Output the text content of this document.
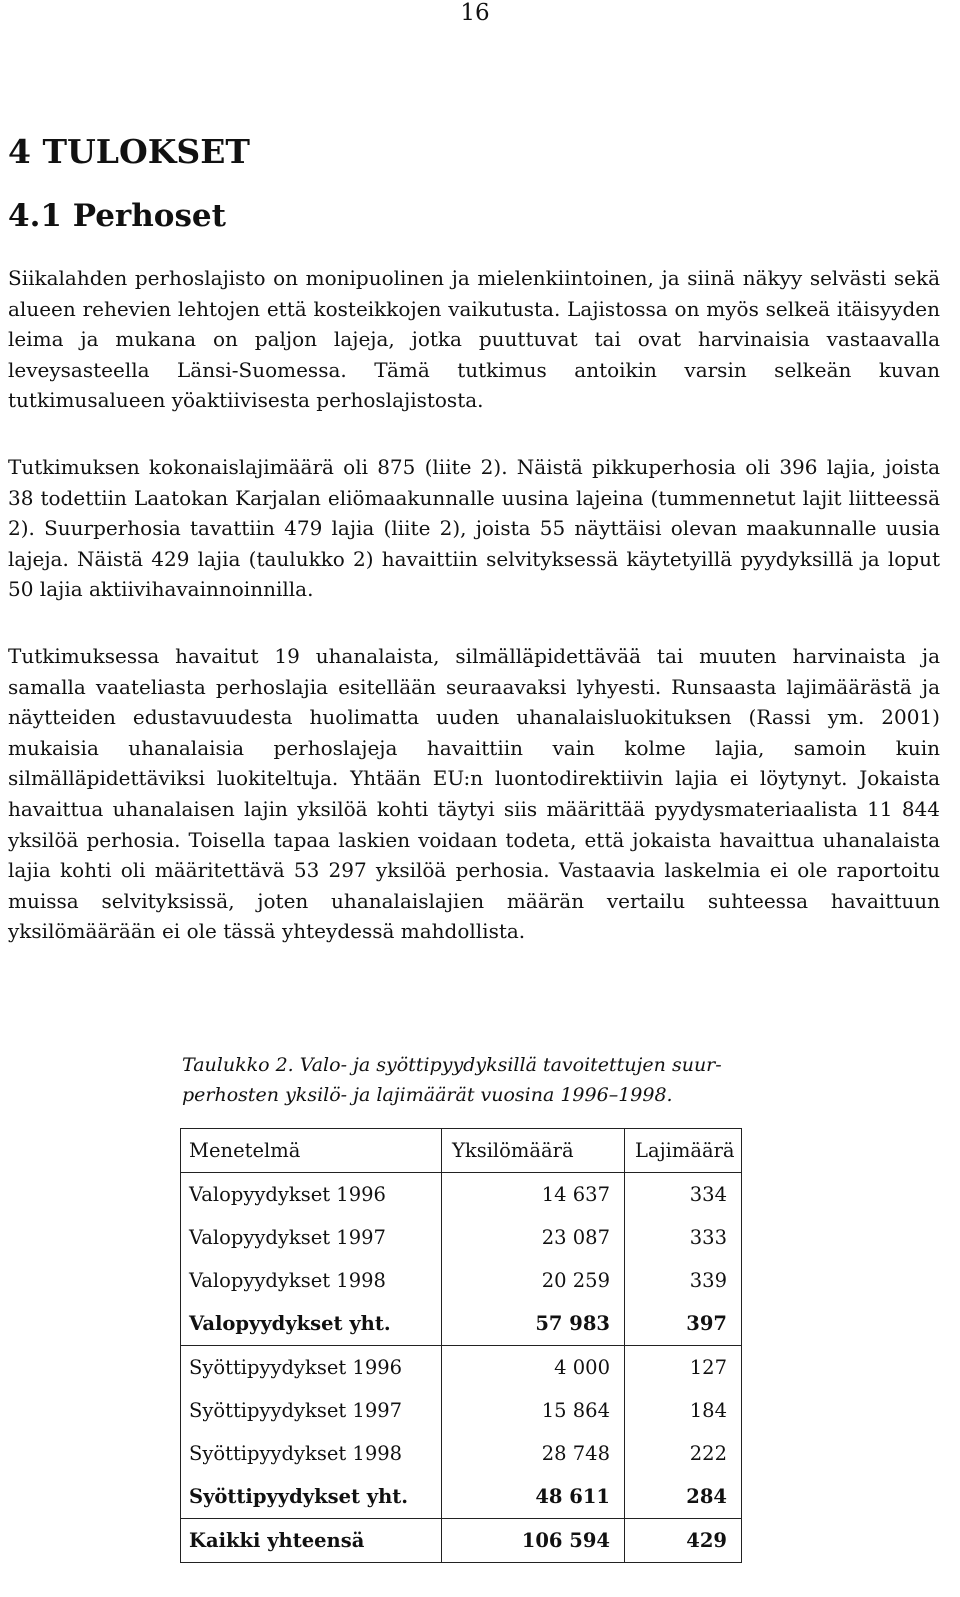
16
4 TULOKSET
4.1 Perhoset

Siikalahden perhoslajisto on monipuolinen ja mielenkiintoinen, ja siinä näkyy selvästi sekä alueen rehevien lehtojen että kosteikkojen vaikutusta. Lajistossa on myös selkeä itäisyyden leima ja mukana on paljon lajeja, jotka puuttuvat tai ovat harvinaisia vastaavalla leveysasteella Länsi-Suomessa. Tämä tutkimus antoikin varsin selkeän kuvan tutkimusalueen yöaktiivisesta perhoslajistosta.

Tutkimuksen kokonaislajimäärä oli 875 (liite 2). Näistä pikkuperhosia oli 396 lajia, joista 38 todettiin Laatokan Karjalan eliömaakunnalle uusina lajeina (tummennetut lajit liitteessä 2). Suurperhosia tavattiin 479 lajia (liite 2), joista 55 näyttäisi olevan maakunnalle uusia lajeja. Näistä 429 lajia (taulukko 2) havaittiin selvityksessä käytetyillä pyydyksillä ja loput 50 lajia aktiivihavainnoinnilla.

Tutkimuksessa havaitut 19 uhanalaista, silmälläpidettävää tai muuten harvinaista ja samalla vaateliasta perhoslajia esitellään seuraavaksi lyhyesti. Runsaasta lajimäärästä ja näytteiden edustavuudesta huolimatta uuden uhanalaisluokituksen (Rassi ym. 2001) mukaisia uhanalaisia perhoslajeja havaittiin vain kolme lajia, samoin kuin silmälläpidettäviksi luokiteltuja. Yhtään EU:n luontodirektiivin lajia ei löytynyt. Jokaista havaittua uhanalaisen lajin yksilöä kohti täytyi siis määrittää pyydysmateriaalista 11 844 yksilöä perhosia. Toisella tapaa laskien voidaan todeta, että jokaista havaittua uhanalaista lajia kohti oli määritettävä 53 297 yksilöä perhosia. Vastaavia laskelmia ei ole raportoitu muissa selvityksissä, joten uhanalaislajien määrän vertailu suhteessa havaittuun yksilömäärään ei ole tässä yhteydessä mahdollista.

Taulukko 2. Valo- ja syöttipyydyksillä tavoitettujen suurperhosten yksilö- ja lajimäärät vuosina 1996–1998.

Menetelmä	Yksilömäärä	Lajimäärä
Valopyydykset 1996	14 637	334
Valopyydykset 1997	23 087	333
Valopyydykset 1998	20 259	339
Valopyydykset yht.	57 983	397
Syöttipyydykset 1996	4 000	127
Syöttipyydykset 1997	15 864	184
Syöttipyydykset 1998	28 748	222
Syöttipyydykset yht.	48 611	284
Kaikki yhteensä	106 594	429
